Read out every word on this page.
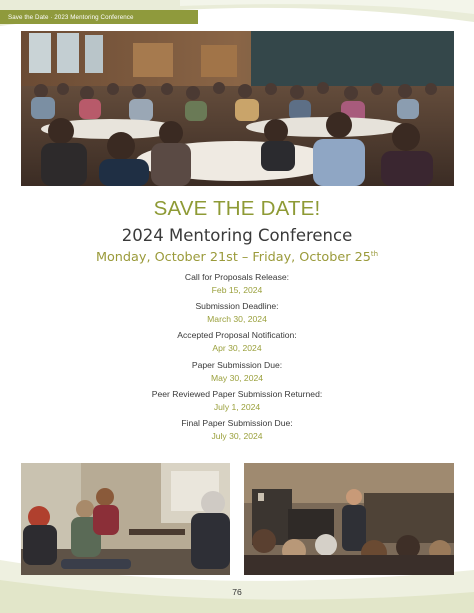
Save the Date · 2023 Mentoring Conference
SAVE THE DATE!
2024 Mentoring Conference
Monday, October 21st – Friday, October 25th
Call for Proposals Release:
Feb 15, 2024
Submission Deadline:
March 30, 2024
Accepted Proposal Notification:
Apr 30, 2024
Paper Submission Due:
May 30, 2024
Peer Reviewed Paper Submission Returned:
July 1, 2024
Final Paper Submission Due:
July 30, 2024
76
